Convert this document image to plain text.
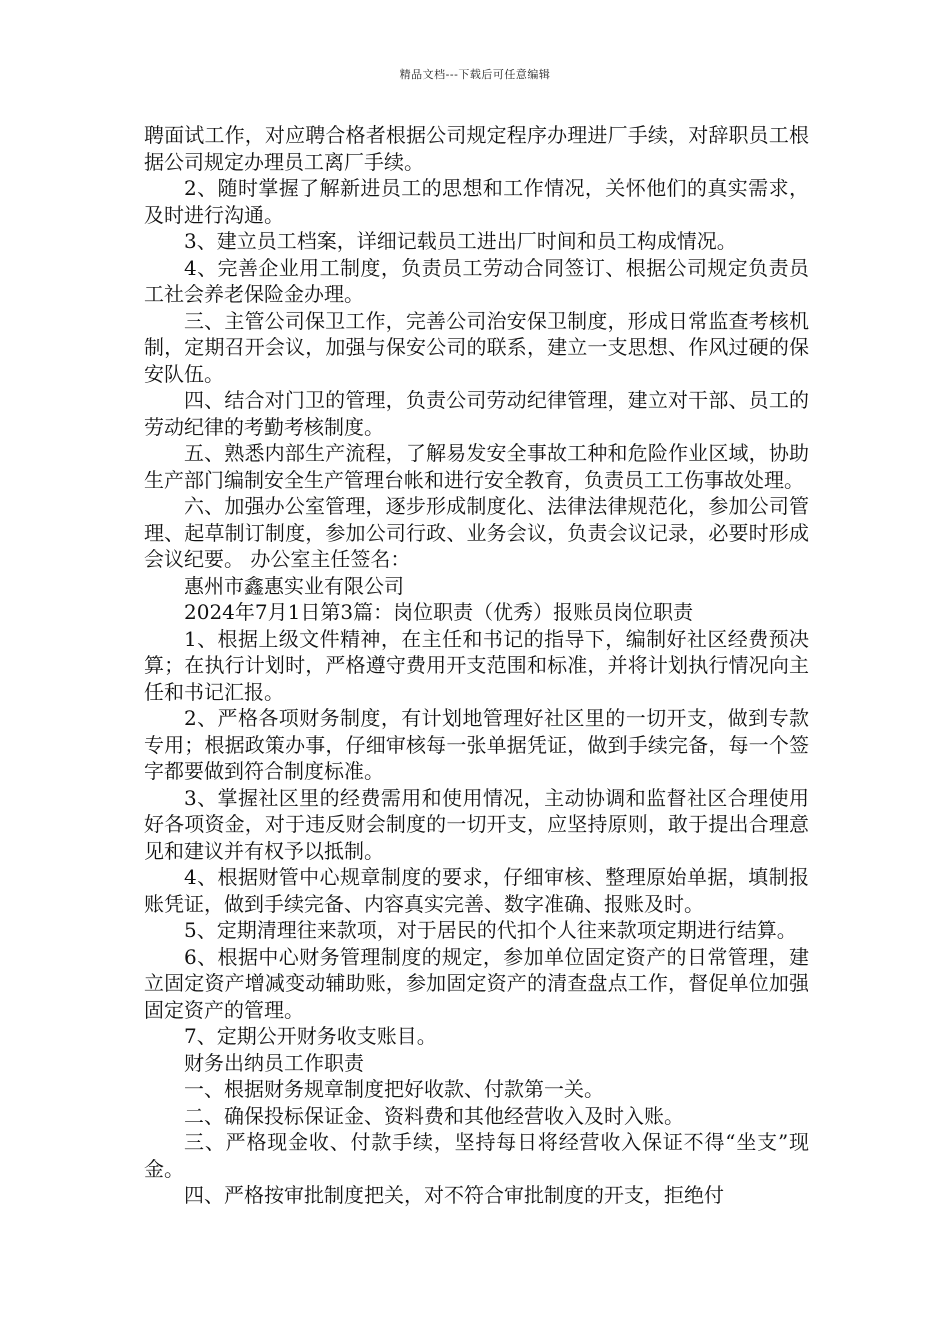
精品文档---下载后可任意编辑

聘面试工作，对应聘合格者根据公司规定程序办理进厂手续，对辞职员工根据公司规定办理员工离厂手续。

2、随时掌握了解新进员工的思想和工作情况，关怀他们的真实需求，及时进行沟通。

3、建立员工档案，详细记载员工进出厂时间和员工构成情况。

4、完善企业用工制度，负责员工劳动合同签订、根据公司规定负责员工社会养老保险金办理。

三、主管公司保卫工作，完善公司治安保卫制度，形成日常监查考核机制，定期召开会议，加强与保安公司的联系，建立一支思想、作风过硬的保安队伍。

四、结合对门卫的管理，负责公司劳动纪律管理，建立对干部、员工的劳动纪律的考勤考核制度。

五、熟悉内部生产流程，了解易发安全事故工种和危险作业区域，协助生产部门编制安全生产管理台帐和进行安全教育，负责员工工伤事故处理。

六、加强办公室管理，逐步形成制度化、法律法律规范化，参加公司管理、起草制订制度，参加公司行政、业务会议，负责会议记录，必要时形成会议纪要。 办公室主任签名：

惠州市鑫惠实业有限公司

2024年7月1日第3篇：岗位职责（优秀）报账员岗位职责

1、根据上级文件精神，在主任和书记的指导下，编制好社区经费预决算；在执行计划时，严格遵守费用开支范围和标准，并将计划执行情况向主任和书记汇报。

2、严格各项财务制度，有计划地管理好社区里的一切开支，做到专款专用；根据政策办事，仔细审核每一张单据凭证，做到手续完备，每一个签字都要做到符合制度标准。

3、掌握社区里的经费需用和使用情况，主动协调和监督社区合理使用好各项资金，对于违反财会制度的一切开支，应坚持原则，敢于提出合理意见和建议并有权予以抵制。

4、根据财管中心规章制度的要求，仔细审核、整理原始单据，填制报账凭证，做到手续完备、内容真实完善、数字准确、报账及时。

5、定期清理往来款项，对于居民的代扣个人往来款项定期进行结算。

6、根据中心财务管理制度的规定，参加单位固定资产的日常管理，建立固定资产增减变动辅助账，参加固定资产的清查盘点工作，督促单位加强固定资产的管理。

7、定期公开财务收支账目。

财务出纳员工作职责

一、根据财务规章制度把好收款、付款第一关。

二、确保投标保证金、资料费和其他经营收入及时入账。

三、严格现金收、付款手续，坚持每日将经营收入保证不得“坐支”现金。

四、严格按审批制度把关，对不符合审批制度的开支，拒绝付
